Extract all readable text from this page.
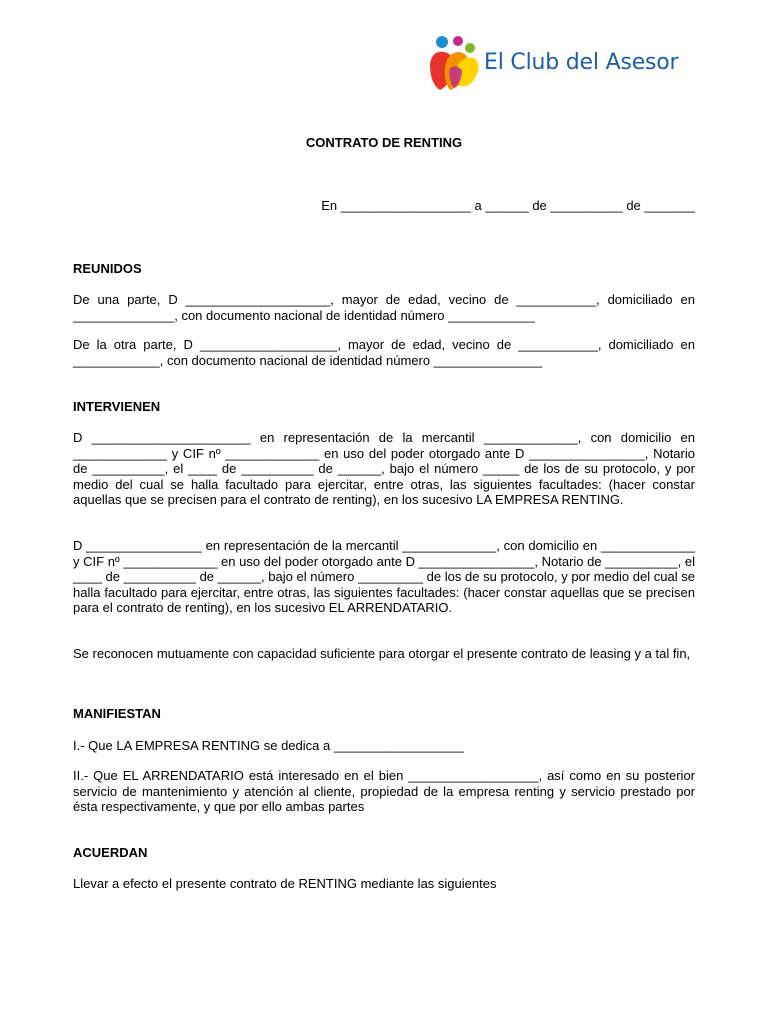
El Club del Asesor
CONTRATO DE RENTING
En __________________ a ______ de __________ de _______
REUNIDOS

De una parte, D ____________________, mayor de edad, vecino de ___________, domiciliado en ______________, con documento nacional de identidad número ____________

De la otra parte, D ___________________, mayor de edad, vecino de ___________, domiciliado en ____________, con documento nacional de identidad número _______________

INTERVIENEN

D ______________________ en representación de la mercantil _____________, con domicilio en _____________ y CIF nº _____________ en uso del poder otorgado ante D ________________, Notario de __________, el ____ de __________ de ______, bajo el número _____ de los de su protocolo, y por medio del cual se halla facultado para ejercitar, entre otras, las siguientes facultades: (hacer constar aquellas que se precisen para el contrato de renting), en los sucesivo LA EMPRESA RENTING.

D ________________ en representación de la mercantil _____________, con domicilio en _____________ y CIF nº _____________ en uso del poder otorgado ante D ________________, Notario de __________, el ____ de __________ de ______, bajo el número _________ de los de su protocolo, y por medio del cual se halla facultado para ejercitar, entre otras, las siguientes facultades: (hacer constar aquellas que se precisen para el contrato de renting), en los sucesivo EL ARRENDATARIO.

Se reconocen mutuamente con capacidad suficiente para otorgar el presente contrato de leasing y a tal fin,

MANIFIESTAN

I.- Que LA EMPRESA RENTING se dedica a __________________

II.- Que EL ARRENDATARIO está interesado en el bien __________________, así como en su posterior servicio de mantenimiento y atención al cliente, propiedad de la empresa renting y servicio prestado por ésta respectivamente, y que por ello ambas partes

ACUERDAN

Llevar a efecto el presente contrato de RENTING mediante las siguientes
